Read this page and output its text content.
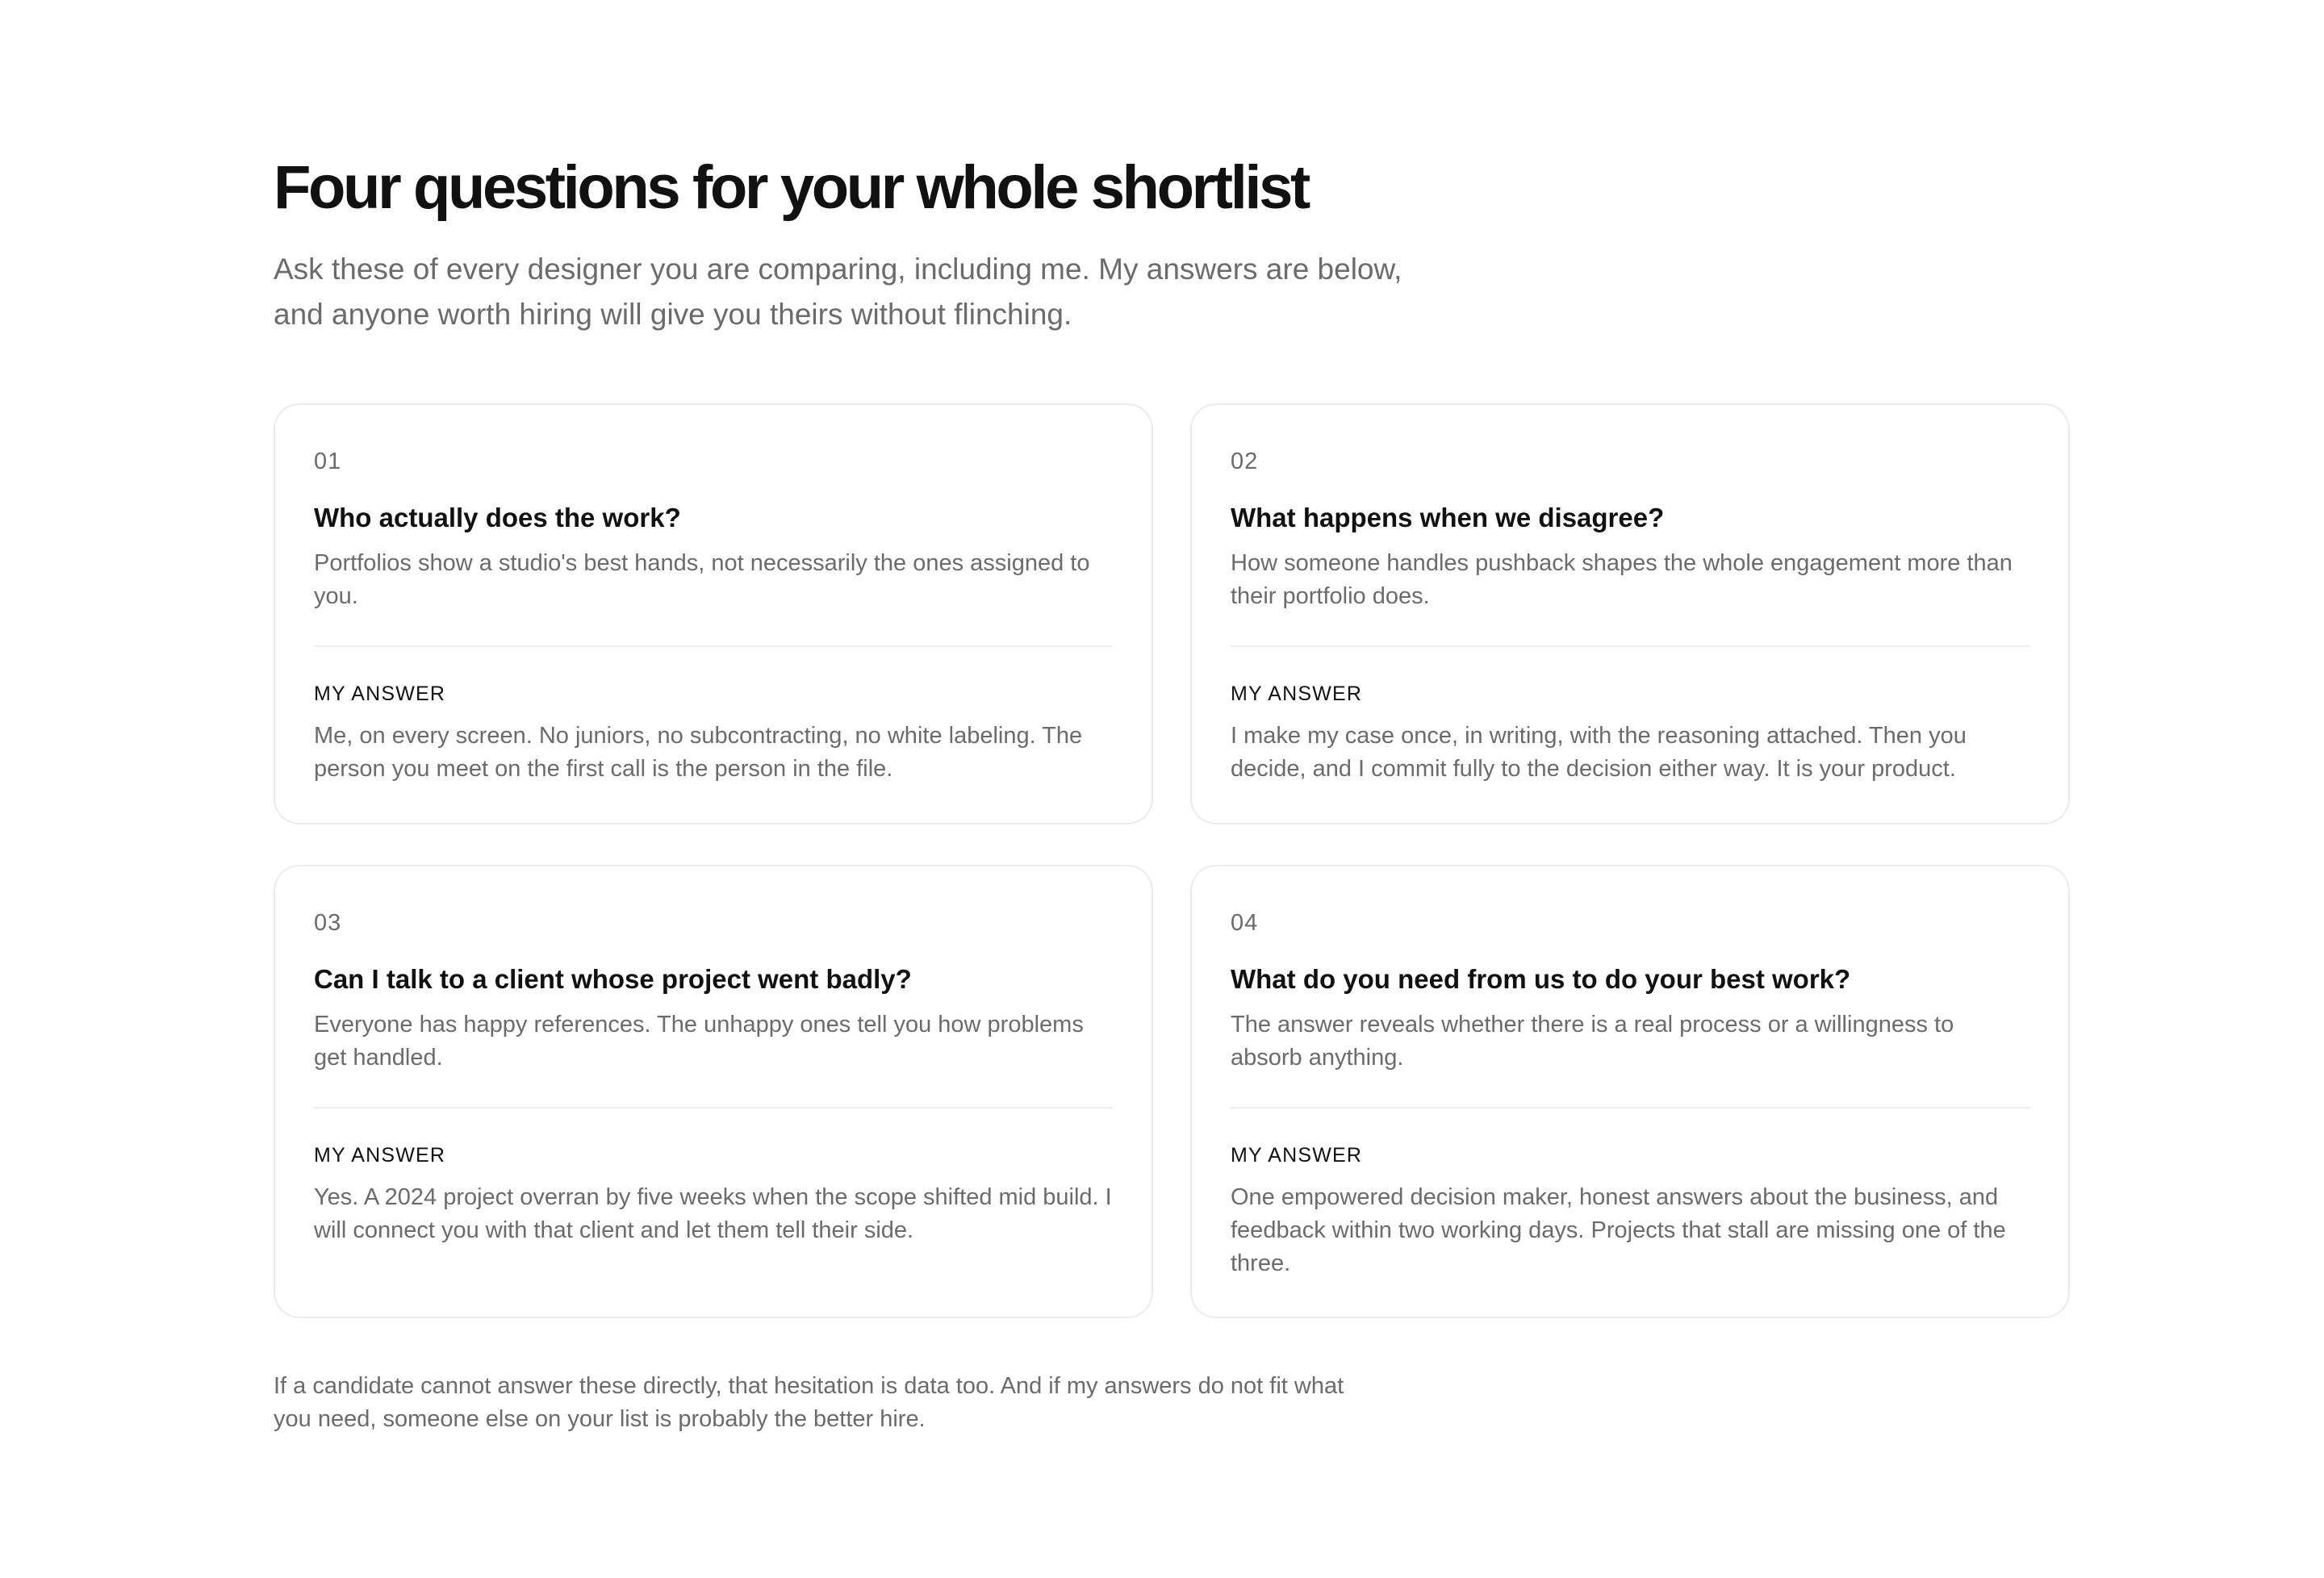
Four questions for your whole shortlist

Ask these of every designer you are comparing, including me. My answers are below, and anyone worth hiring will give you theirs without flinching.

01
Who actually does the work?
Portfolios show a studio's best hands, not necessarily the ones assigned to you.
MY ANSWER
Me, on every screen. No juniors, no subcontracting, no white labeling. The person you meet on the first call is the person in the file.
02
What happens when we disagree?
How someone handles pushback shapes the whole engagement more than their portfolio does.
MY ANSWER
I make my case once, in writing, with the reasoning attached. Then you decide, and I commit fully to the decision either way. It is your product.
03
Can I talk to a client whose project went badly?
Everyone has happy references. The unhappy ones tell you how problems get handled.
MY ANSWER
Yes. A 2024 project overran by five weeks when the scope shifted mid build. I will connect you with that client and let them tell their side.
04
What do you need from us to do your best work?
The answer reveals whether there is a real process or a willingness to absorb anything.
MY ANSWER
One empowered decision maker, honest answers about the business, and feedback within two working days. Projects that stall are missing one of the three.

If a candidate cannot answer these directly, that hesitation is data too. And if my answers do not fit what you need, someone else on your list is probably the better hire.
